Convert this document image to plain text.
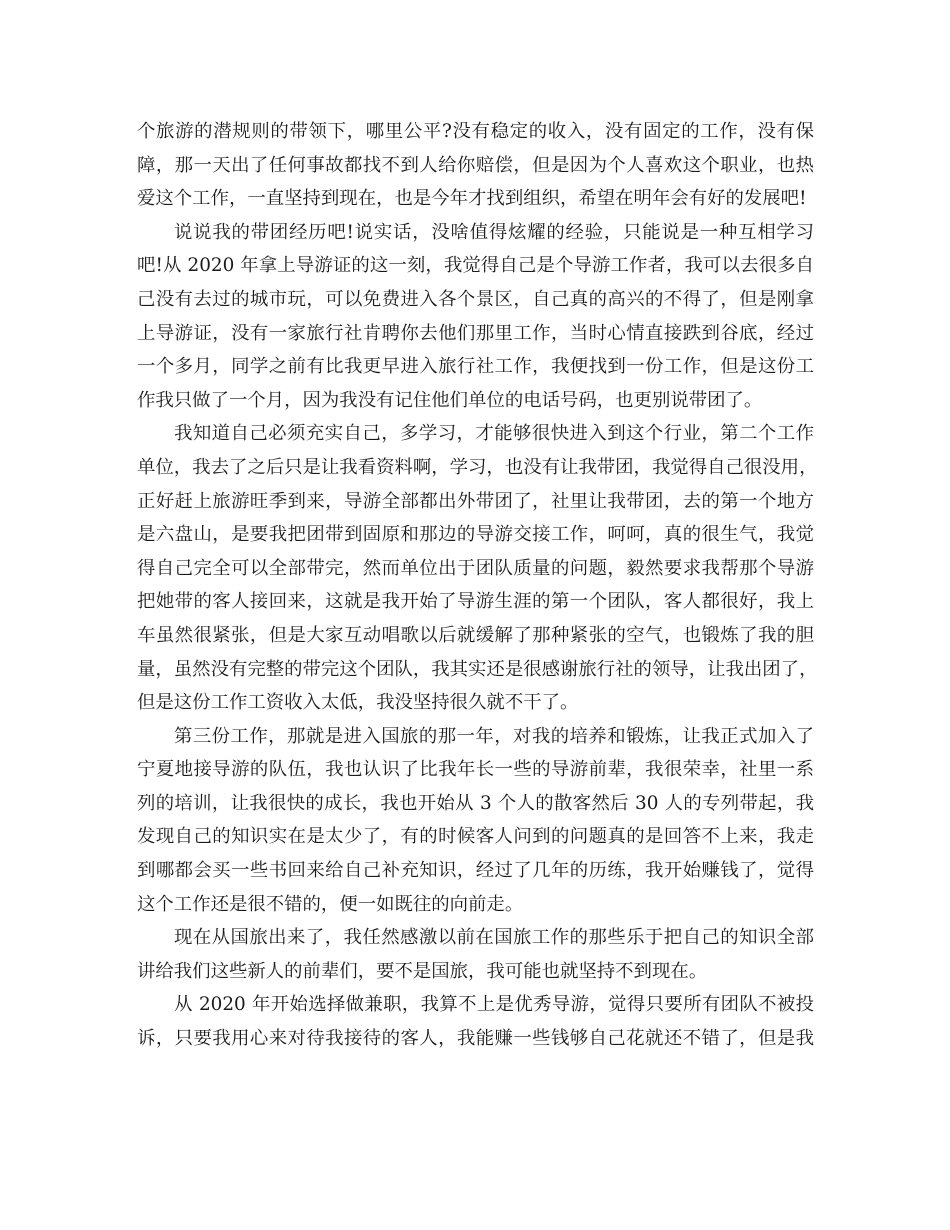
个旅游的潜规则的带领下，哪里公平?没有稳定的收入，没有固定的工作，没有保
障，那一天出了任何事故都找不到人给你赔偿，但是因为个人喜欢这个职业，也热
爱这个工作，一直坚持到现在，也是今年才找到组织，希望在明年会有好的发展吧!
说说我的带团经历吧!说实话，没啥值得炫耀的经验，只能说是一种互相学习
吧!从 2020 年拿上导游证的这一刻，我觉得自己是个导游工作者，我可以去很多自
己没有去过的城市玩，可以免费进入各个景区，自己真的高兴的不得了，但是刚拿
上导游证，没有一家旅行社肯聘你去他们那里工作，当时心情直接跌到谷底，经过
一个多月，同学之前有比我更早进入旅行社工作，我便找到一份工作，但是这份工
作我只做了一个月，因为我没有记住他们单位的电话号码，也更别说带团了。
我知道自己必须充实自己，多学习，才能够很快进入到这个行业，第二个工作
单位，我去了之后只是让我看资料啊，学习，也没有让我带团，我觉得自己很没用，
正好赶上旅游旺季到来，导游全部都出外带团了，社里让我带团，去的第一个地方
是六盘山，是要我把团带到固原和那边的导游交接工作，呵呵，真的很生气，我觉
得自己完全可以全部带完，然而单位出于团队质量的问题，毅然要求我帮那个导游
把她带的客人接回来，这就是我开始了导游生涯的第一个团队，客人都很好，我上
车虽然很紧张，但是大家互动唱歌以后就缓解了那种紧张的空气，也锻炼了我的胆
量，虽然没有完整的带完这个团队，我其实还是很感谢旅行社的领导，让我出团了，
但是这份工作工资收入太低，我没坚持很久就不干了。
第三份工作，那就是进入国旅的那一年，对我的培养和锻炼，让我正式加入了
宁夏地接导游的队伍，我也认识了比我年长一些的导游前辈，我很荣幸，社里一系
列的培训，让我很快的成长，我也开始从 3 个人的散客然后 30 人的专列带起，我
发现自己的知识实在是太少了，有的时候客人问到的问题真的是回答不上来，我走
到哪都会买一些书回来给自己补充知识，经过了几年的历练，我开始赚钱了，觉得
这个工作还是很不错的，便一如既往的向前走。
现在从国旅出来了，我任然感激以前在国旅工作的那些乐于把自己的知识全部
讲给我们这些新人的前辈们，要不是国旅，我可能也就坚持不到现在。
从 2020 年开始选择做兼职，我算不上是优秀导游，觉得只要所有团队不被投
诉，只要我用心来对待我接待的客人，我能赚一些钱够自己花就还不错了，但是我
